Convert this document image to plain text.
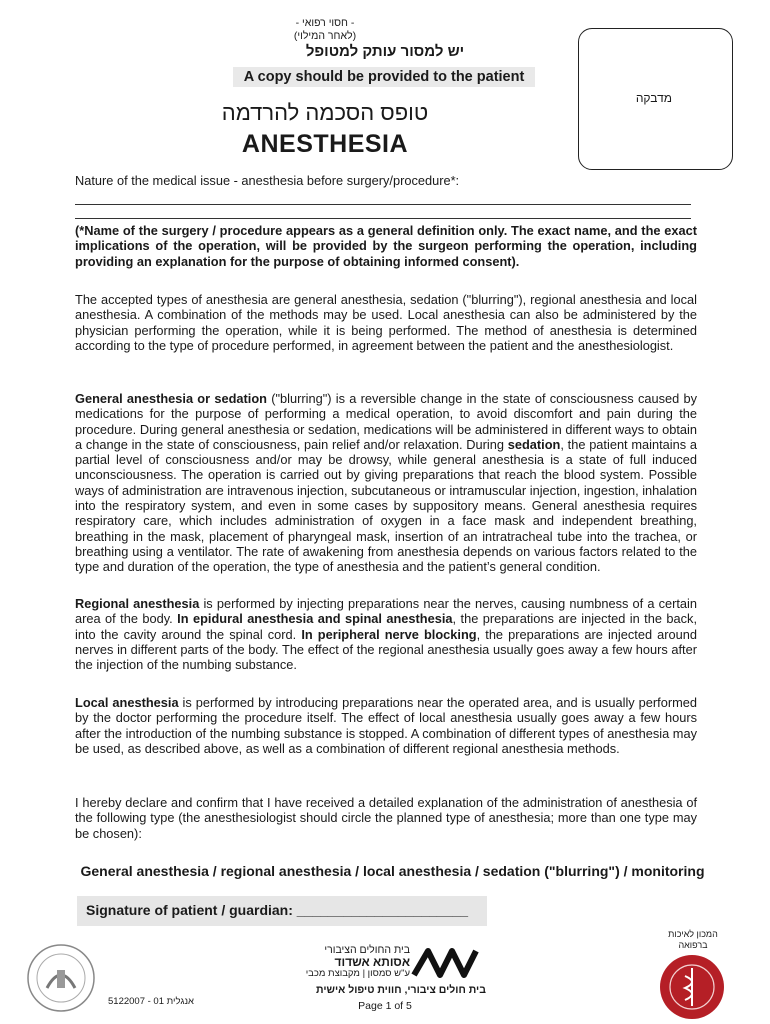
- חסוי רפואי -
(לאחר המילוי)
מדבקה
יש למסור עותק למטופל
A copy should be provided to the patient
טופס הסכמה להרדמה
ANESTHESIA
Nature of the medical issue - anesthesia before surgery/procedure*:
(*Name of the surgery / procedure appears as a general definition only. The exact name, and the exact implications of the operation, will be provided by the surgeon performing the operation, including providing an explanation for the purpose of obtaining informed consent).
The accepted types of anesthesia are general anesthesia, sedation ("blurring"), regional anesthesia and local anesthesia. A combination of the methods may be used. Local anesthesia can also be administered by the physician performing the operation, while it is being performed. The method of anesthesia is determined according to the type of procedure performed, in agreement between the patient and the anesthesiologist.
General anesthesia or sedation ("blurring") is a reversible change in the state of consciousness caused by medications for the purpose of performing a medical operation, to avoid discomfort and pain during the procedure. During general anesthesia or sedation, medications will be administered in different ways to obtain a change in the state of consciousness, pain relief and/or relaxation. During sedation, the patient maintains a partial level of consciousness and/or may be drowsy, while general anesthesia is a state of full induced unconsciousness. The operation is carried out by giving preparations that reach the blood system. Possible ways of administration are intravenous injection, subcutaneous or intramuscular injection, ingestion, inhalation into the respiratory system, and even in some cases by suppository means. General anesthesia requires respiratory care, which includes administration of oxygen in a face mask and independent breathing, breathing in the mask, placement of pharyngeal mask, insertion of an intratracheal tube into the trachea, or breathing using a ventilator. The rate of awakening from anesthesia depends on various factors related to the type and duration of the operation, the type of anesthesia and the patient’s general condition.
Regional anesthesia is performed by injecting preparations near the nerves, causing numbness of a certain area of the body. In epidural anesthesia and spinal anesthesia, the preparations are injected in the back, into the cavity around the spinal cord. In peripheral nerve blocking, the preparations are injected around nerves in different parts of the body. The effect of the regional anesthesia usually goes away a few hours after the injection of the numbing substance.
Local anesthesia is performed by introducing preparations near the operated area, and is usually performed by the doctor performing the procedure itself. The effect of local anesthesia usually goes away a few hours after the introduction of the numbing substance is stopped. A combination of different types of anesthesia may be used, as described above, as well as a combination of different regional anesthesia methods.
I hereby declare and confirm that I have received a detailed explanation of the administration of anesthesia of the following type (the anesthesiologist should circle the planned type of anesthesia; more than one type may be chosen):
General anesthesia / regional anesthesia / local anesthesia / sedation ("blurring") / monitoring
Signature of patient / guardian: ______________________
בית החולים הציבורי
אסותא אשדוד
ע"ש סמסון | מקבוצת מכבי
בית חולים ציבורי, חווית טיפול אישית
המכון לאיכות
ברפואה
5122007 - 01 אנגלית	Page 1 of 5
